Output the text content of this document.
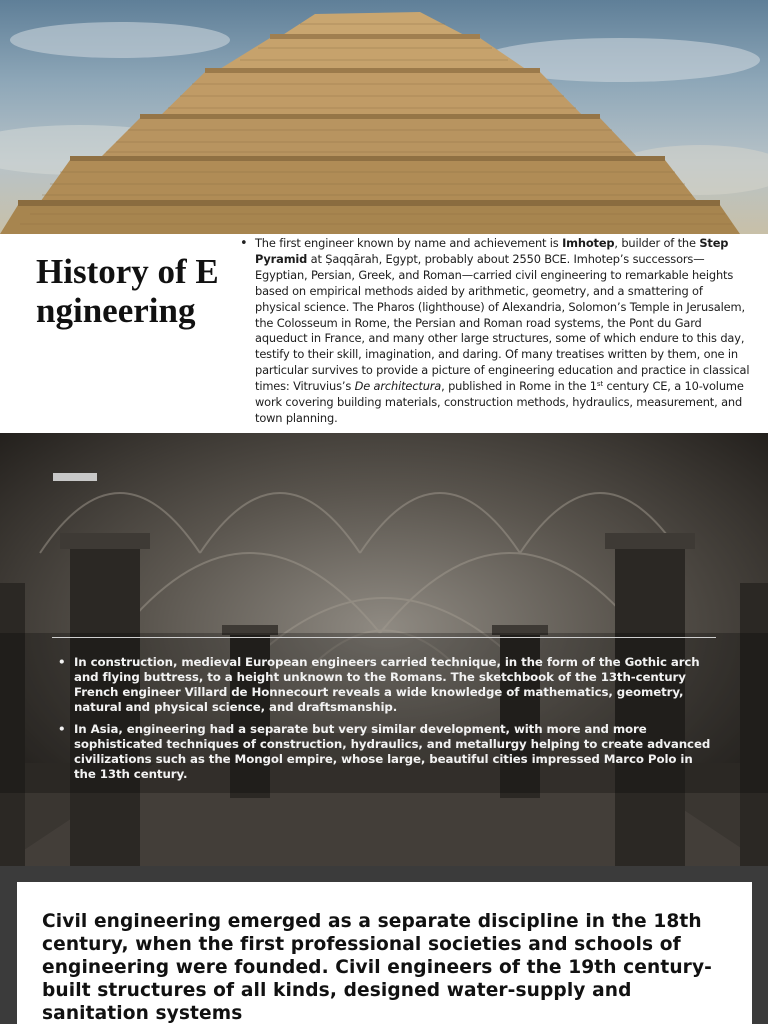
History of Engineering
• The first engineer known by name and achievement is Imhotep, builder of the Step Pyramid at Ṣaqqārah, Egypt, probably about 2550 BCE. Imhotep’s successors—Egyptian, Persian, Greek, and Roman—carried civil engineering to remarkable heights based on empirical methods aided by arithmetic, geometry, and a smattering of physical science. The Pharos (lighthouse) of Alexandria, Solomon’s Temple in Jerusalem, the Colosseum in Rome, the Persian and Roman road systems, the Pont du Gard aqueduct in France, and many other large structures, some of which endure to this day, testify to their skill, imagination, and daring. Of many treatises written by them, one in particular survives to provide a picture of engineering education and practice in classical times: Vitruvius’s De architectura, published in Rome in the 1st century CE, a 10-volume work covering building materials, construction methods, hydraulics, measurement, and town planning.
• In construction, medieval European engineers carried technique, in the form of the Gothic arch and flying buttress, to a height unknown to the Romans. The sketchbook of the 13th-century French engineer Villard de Honnecourt reveals a wide knowledge of mathematics, geometry, natural and physical science, and draftsmanship.
• In Asia, engineering had a separate but very similar development, with more and more sophisticated techniques of construction, hydraulics, and metallurgy helping to create advanced civilizations such as the Mongol empire, whose large, beautiful cities impressed Marco Polo in the 13th century.
Civil engineering emerged as a separate discipline in the 18th century, when the first professional societies and schools of engineering were founded. Civil engineers of the 19th century-built structures of all kinds, designed water-supply and sanitation systems
